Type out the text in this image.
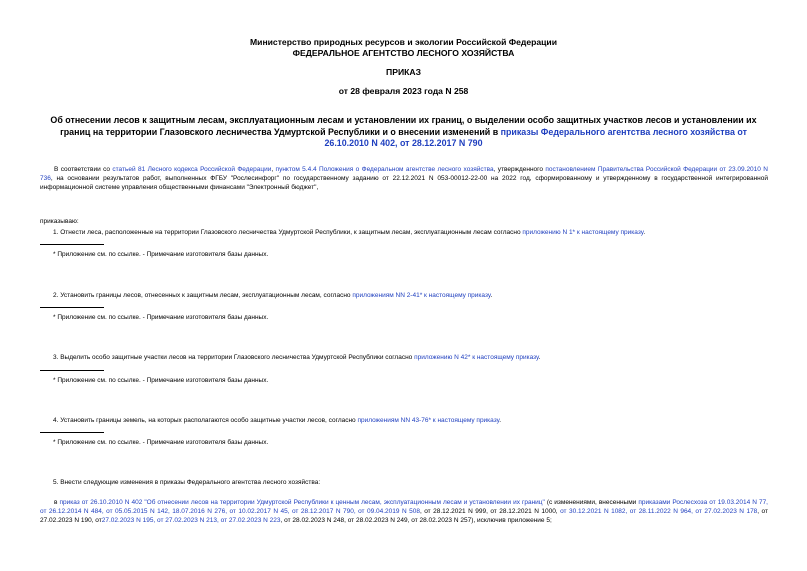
Министерство природных ресурсов и экологии Российской Федерации
ФЕДЕРАЛЬНОЕ АГЕНТСТВО ЛЕСНОГО ХОЗЯЙСТВА
ПРИКАЗ
от 28 февраля 2023 года N 258
Об отнесении лесов к защитным лесам, эксплуатационным лесам и установлении их границ, о выделении особо защитных участков лесов и установлении их границ на территории Глазовского лесничества Удмуртской Республики и о внесении изменений в приказы Федерального агентства лесного хозяйства от 26.10.2010 N 402, от 28.12.2017 N 790
В соответствии со статьей 81 Лесного кодекса Российской Федерации, пунктом 5.4.4 Положения о Федеральном агентстве лесного хозяйства, утвержденного постановлением Правительства Российской Федерации от 23.09.2010 N 736, на основании результатов работ, выполненных ФГБУ "Рослесинфорг" по государственному заданию от 22.12.2021 N 053-00012-22-00 на 2022 год, сформированному и утвержденному в государственной интегрированной информационной системе управления общественными финансами "Электронный бюджет",
приказываю:
1. Отнести леса, расположенные на территории Глазовского лесничества Удмуртской Республики, к защитным лесам, эксплуатационным лесам согласно приложению N 1* к настоящему приказу.
* Приложение см. по ссылке. - Примечание изготовителя базы данных.
2. Установить границы лесов, отнесенных к защитным лесам, эксплуатационным лесам, согласно приложениям NN 2-41* к настоящему приказу.
* Приложение см. по ссылке. - Примечание изготовителя базы данных.
3. Выделить особо защитные участки лесов на территории Глазовского лесничества Удмуртской Республики согласно приложению N 42* к настоящему приказу.
* Приложение см. по ссылке. - Примечание изготовителя базы данных.
4. Установить границы земель, на которых располагаются особо защитные участки лесов, согласно приложениям NN 43-76* к настоящему приказу.
* Приложение см. по ссылке. - Примечание изготовителя базы данных.
5. Внести следующие изменения в приказы Федерального агентства лесного хозяйства:
в приказ от 26.10.2010 N 402 "Об отнесении лесов на территории Удмуртской Республики к ценным лесам, эксплуатационным лесам и установлении их границ" (с изменениями, внесенными приказами Рослесхоза от 19.03.2014 N 77, от 26.12.2014 N 484, от 05.05.2015 N 142, 18.07.2016 N 276, от 10.02.2017 N 45, от 28.12.2017 N 790, от 09.04.2019 N 508, от 28.12.2021 N 999, от 28.12.2021 N 1000, от 30.12.2021 N 1082, от 28.11.2022 N 964, от 27.02.2023 N 178, от 27.02.2023 N 190, от27.02.2023 N 195, от 27.02.2023 N 213, от 27.02.2023 N 223, от 28.02.2023 N 248, от 28.02.2023 N 249, от 28.02.2023 N 257), исключив приложение 5;
